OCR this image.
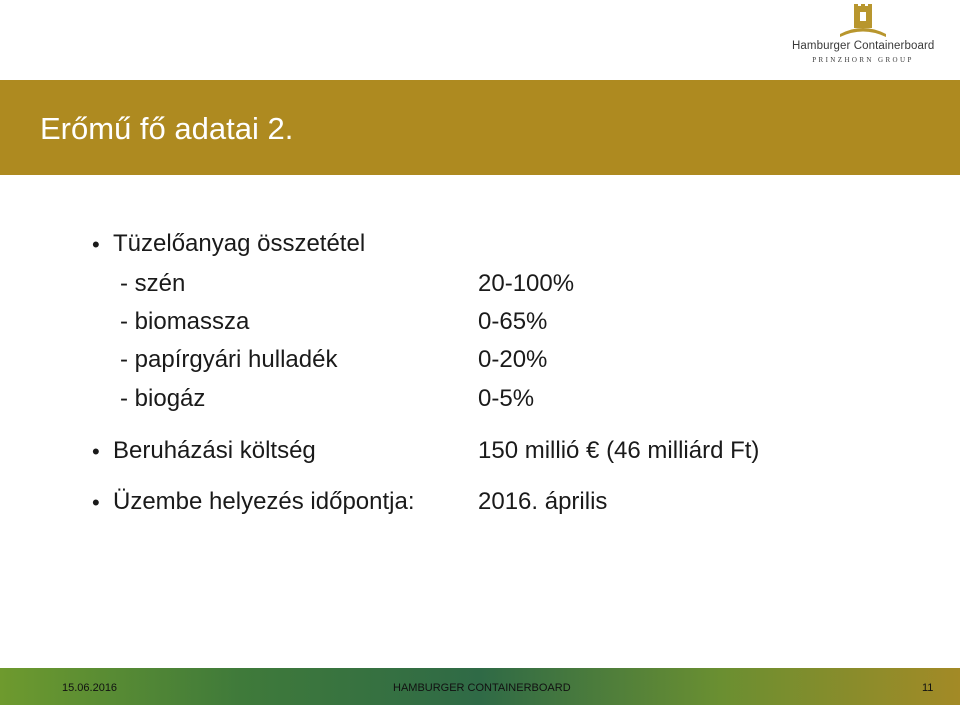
Hamburger Containerboard
PRINZHORN GROUP
Erőmű fő adatai 2.
• Tüzelőanyag összetétel
- szén	20-100%
- biomassza	0-65%
- papírgyári hulladék	0-20%
- biogáz	0-5%
• Beruházási költség	150 millió € (46 milliárd Ft)
• Üzembe helyezés időpontja:	2016. április
15.06.2016	HAMBURGER CONTAINERBOARD	11
